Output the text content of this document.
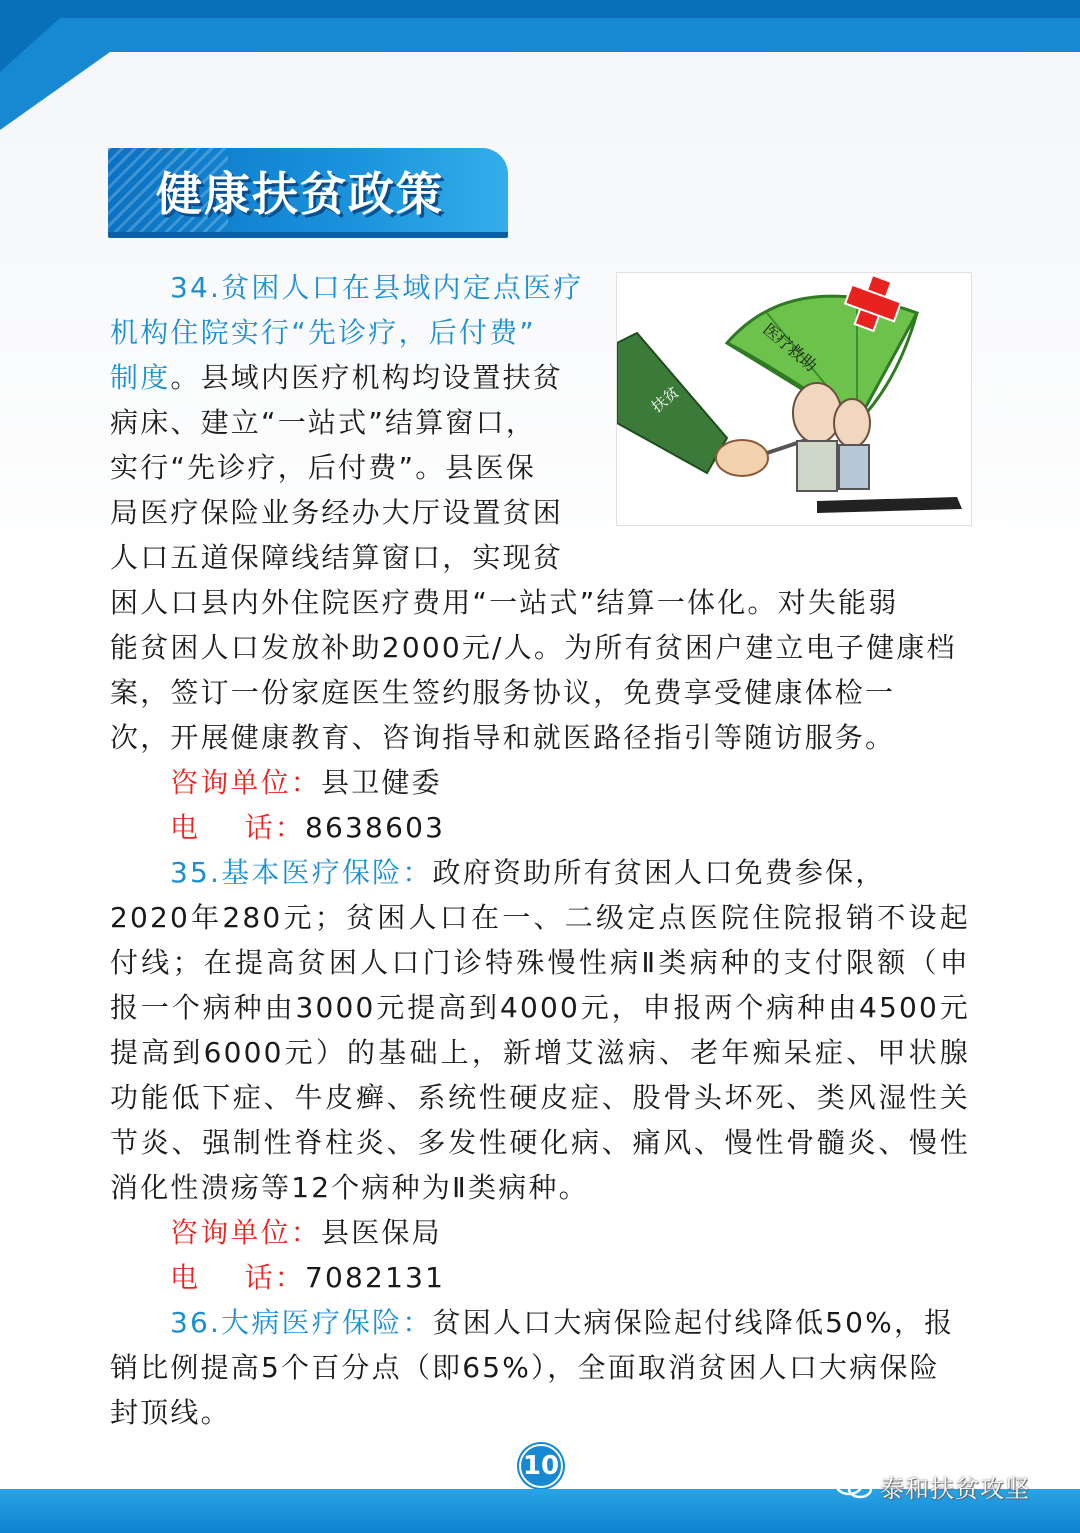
健康扶贫政策
医疗救助
扶贫

34.贫困人口在县域内定点医疗

机构住院实行“先诊疗，后付费”

制度。县域内医疗机构均设置扶贫

病床、建立“一站式”结算窗口，

实行“先诊疗，后付费”。县医保

局医疗保险业务经办大厅设置贫困

人口五道保障线结算窗口，实现贫

困人口县内外住院医疗费用“一站式”结算一体化。对失能弱

能贫困人口发放补助2000元/人。为所有贫困户建立电子健康档

案，签订一份家庭医生签约服务协议，免费享受健康体检一

次，开展健康教育、咨询指导和就医路径指引等随访服务。

咨询单位：县卫健委

电    话：8638603

35.基本医疗保险：政府资助所有贫困人口免费参保，

2020年280元；贫困人口在一、二级定点医院住院报销不设起付线；在提高贫困人口门诊特殊慢性病Ⅱ类病种的支付限额（申报一个病种由3000元提高到4000元，申报两个病种由4500元提高到6000元）的基础上，新增艾滋病、老年痴呆症、甲状腺功能低下症、牛皮癣、系统性硬皮症、股骨头坏死、类风湿性关节炎、强制性脊柱炎、多发性硬化病、痛风、慢性骨髓炎、慢性消化性溃疡等12个病种为Ⅱ类病种。

咨询单位：县医保局

电    话：7082131

36.大病医疗保险：贫困人口大病保险起付线降低50%，报

销比例提高5个百分点（即65%），全面取消贫困人口大病保险封顶线。

10
泰和扶贫攻坚
